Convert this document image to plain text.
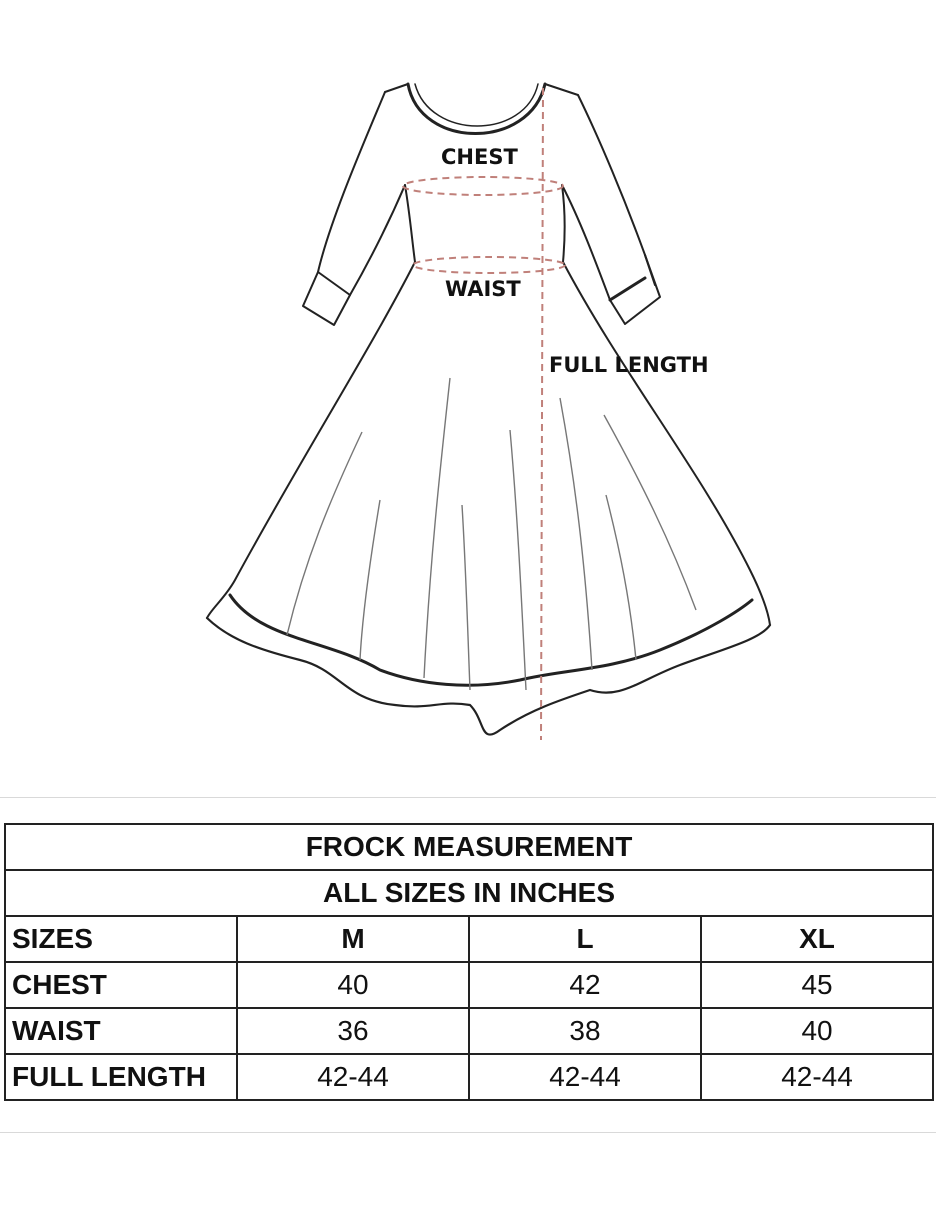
CHEST
WAIST
FULL LENGTH
FROCK MEASUREMENT			
ALL SIZES IN INCHES			
SIZES	M	L	XL
CHEST	40	42	45
WAIST	36	38	40
FULL LENGTH	42-44	42-44	42-44
